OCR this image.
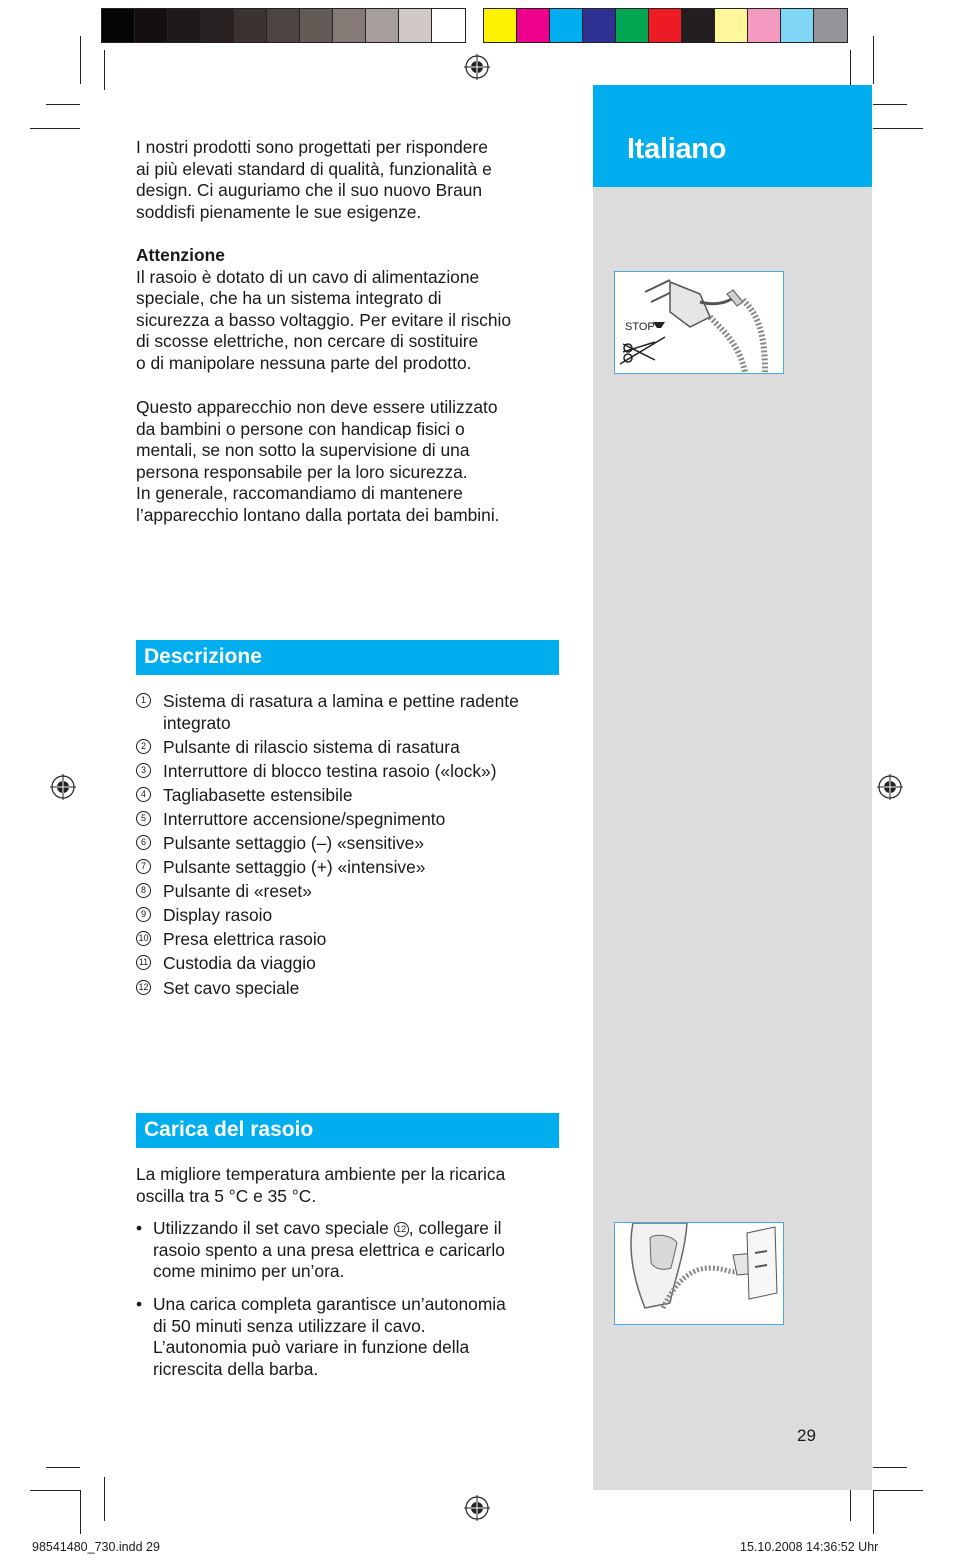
Italiano
STOP
I nostri prodotti sono progettati per rispondere
ai più elevati standard di qualità, funzionalità e
design. Ci auguriamo che il suo nuovo Braun
soddisfi pienamente le sue esigenze.
Attenzione
Il rasoio è dotato di un cavo di alimentazione
speciale, che ha un sistema integrato di
sicurezza a basso voltaggio. Per evitare il rischio
di scosse elettriche, non cercare di sostituire
o di manipolare nessuna parte del prodotto.
Questo apparecchio non deve essere utilizzato
da bambini o persone con handicap fisici o
mentali, se non sotto la supervisione di una
persona responsabile per la loro sicurezza.
In generale, raccomandiamo di mantenere
l’apparecchio lontano dalla portata dei bambini.
Descrizione
1 Sistema di rasatura a lamina e pettine radente integrato
2 Pulsante di rilascio sistema di rasatura
3 Interruttore di blocco testina rasoio («lock»)
4 Tagliabasette estensibile
5 Interruttore accensione/spegnimento
6 Pulsante settaggio (–) «sensitive»
7 Pulsante settaggio (+) «intensive»
8 Pulsante di «reset»
9 Display rasoio
10 Presa elettrica rasoio
11 Custodia da viaggio
12 Set cavo speciale
Carica del rasoio
La migliore temperatura ambiente per la ricarica
oscilla tra 5 °C e 35 °C.
• Utilizzando il set cavo speciale 12 , collegare il
rasoio spento a una presa elettrica e caricarlo
come minimo per un’ora.
• Una carica completa garantisce un’autonomia
di 50 minuti senza utilizzare il cavo.
L’autonomia può variare in funzione della
ricrescita della barba.
29
98541480_730.indd 29	15.10.2008 14:36:52 Uhr
